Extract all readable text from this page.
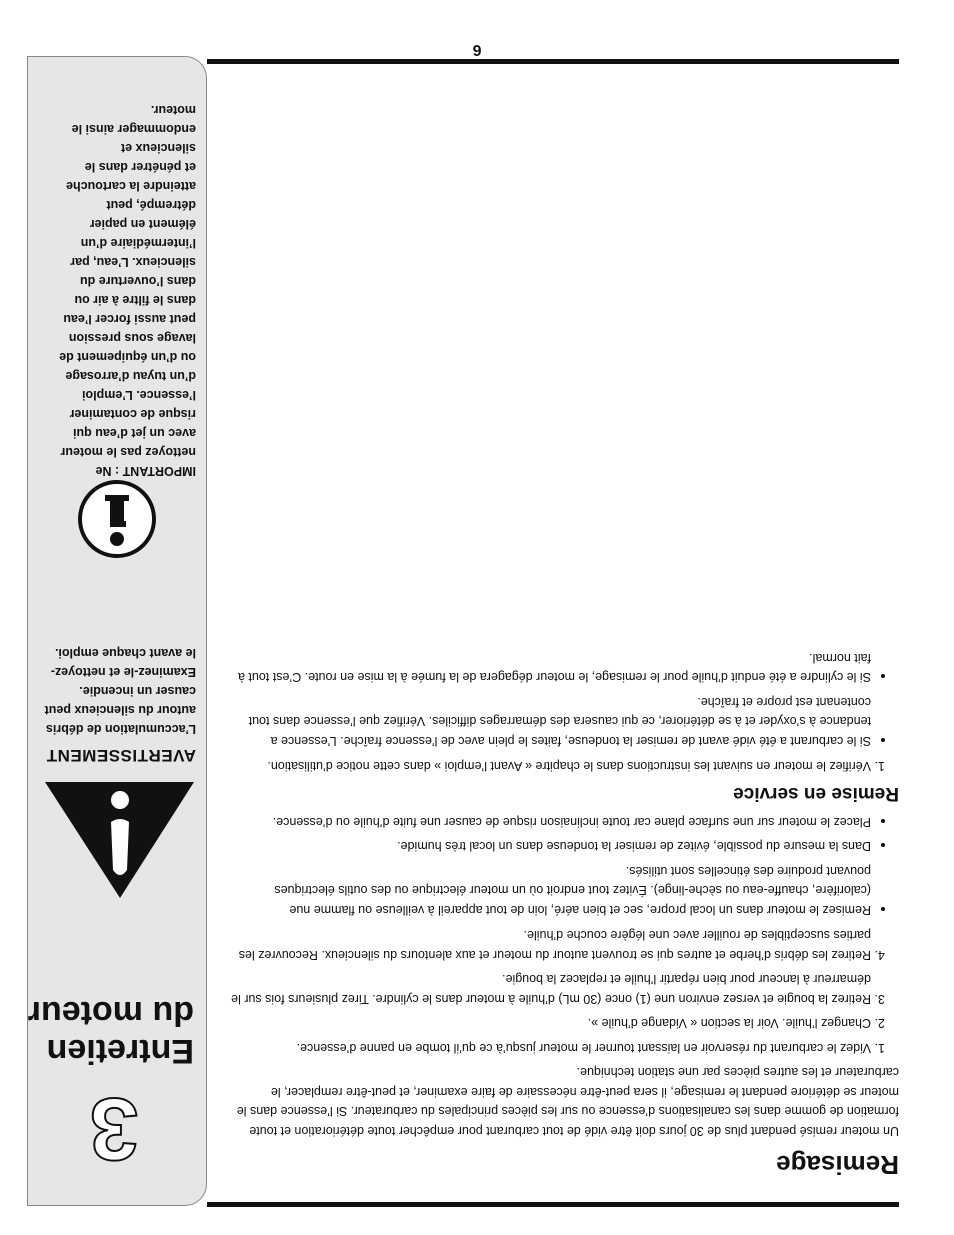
3
Entretien du moteur
AVERTISSEMENT
L’accumulation de débris autour du silencieux peut causer un incendie. Examinez-le et nettoyez-le avant chaque emploi.
IMPORTANT : Ne nettoyez pas le moteur avec un jet d’eau qui risque de contaminer l’essence. L’emploi d’un tuyau d’arrosage ou d’un équipement de lavage sous pression peut aussi forcer l’eau dans le filtre à air ou dans l’ouverture du silencieux. L’eau, par l’intermédiaire d’un élément en papier détrempé, peut atteindre la cartouche et pénétrer dans le silencieux et endommager ainsi le moteur.
Remisage

Un moteur remisé pendant plus de 30 jours doit être vidé de tout carburant pour empêcher toute détérioration et toute formation de gomme dans les canalisations d’essence ou sur les pièces principales du carburateur. Si l’essence dans le moteur se détériore pendant le remisage, il sera peut-être nécessaire de faire examiner, et peut-être remplacer, le carburateur et les autres pièces par une station technique.

1. Videz le carburant du réservoir en laissant tourner le moteur jusqu’à ce qu’il tombe en panne d’essence.
2. Changez l’huile. Voir la section « Vidange d’huile ».
3. Retirez la bougie et versez environ une (1) once (30 mL) d’huile à moteur dans le cylindre. Tirez plusieurs fois sur le démarreur à lanceur pour bien répartir l’huile et replacez la bougie.
4. Retirez les débris d’herbe et autres qui se trouvent autour du moteur et aux alentours du silencieux. Recouvrez les parties susceptibles de rouiller avec une légère couche d’huile.
• Remisez le moteur dans un local propre, sec et bien aéré, loin de tout appareil à veilleuse ou flamme nue (calorifère, chauffe-eau ou sèche-linge). Évitez tout endroit où un moteur électrique ou des outils électriques pouvant produire des étincelles sont utilisés.
• Dans la mesure du possible, évitez de remiser la tondeuse dans un local très humide.
• Placez le moteur sur une surface plane car toute inclinaison risque de causer une fuite d’huile ou d’essence.
Remise en service
1. Vérifiez le moteur en suivant les instructions dans le chapitre « Avant l’emploi » dans cette notice d’utilisation.
• Si le carburant a été vidé avant de remiser la tondeuse, faites le plein avec de l’essence fraîche. L’essence a tendance à s’oxyder et à se détériorer, ce qui causera des démarrages difficiles. Vérifiez que l’essence dans tout contenant est propre et fraîche.
• Si le cylindre a été enduit d’huile pour le remisage, le moteur dégagera de la fumée à la mise en route. C’est tout à fait normal.
6
